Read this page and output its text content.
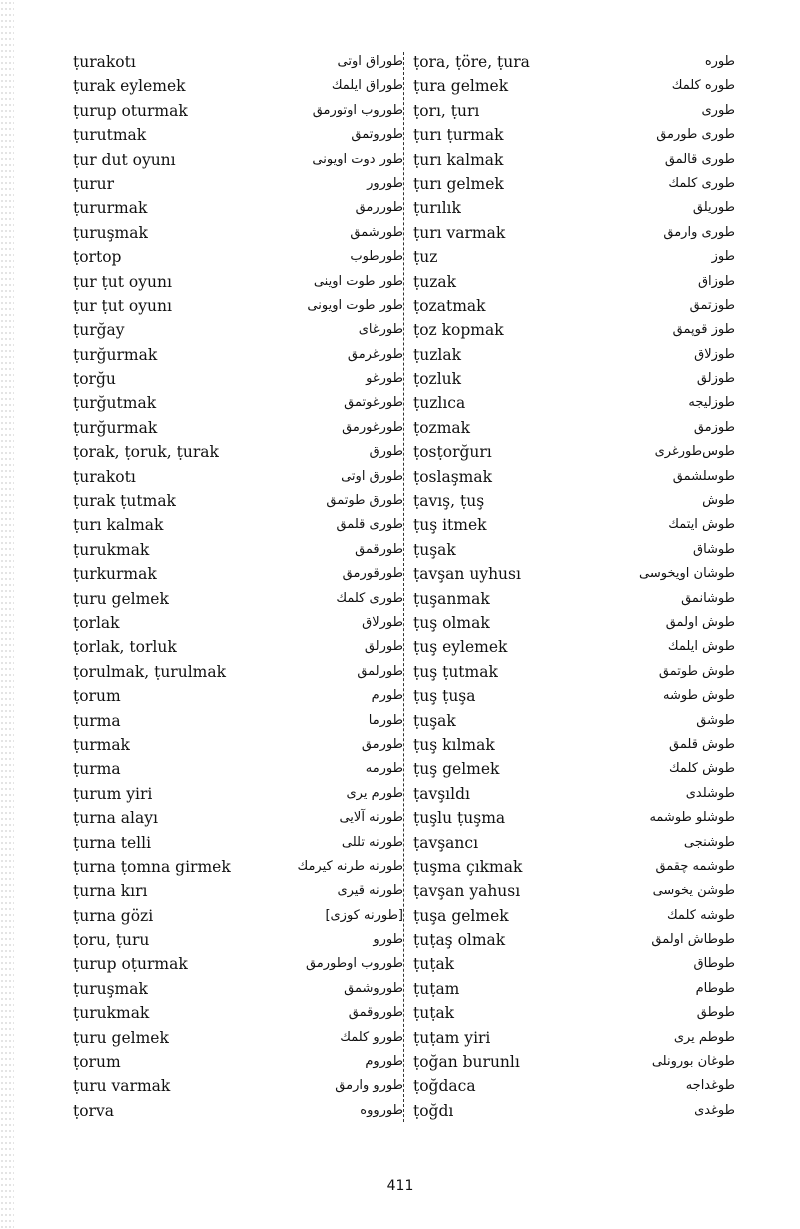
ṭurakotı	طوراق اوتى
ṭurak eylemek	طوراق ايلمك
ṭurup oturmak	طوروب اوتورمق
ṭurutmak	طوروتمق
ṭur dut oyunı	طور دوت اويونى
ṭurur	طورور
ṭururmak	طوررمق
ṭuruşmak	طورشمق
ṭortop	طورطوب
ṭur ṭut oyunı	طور طوت اوينى
ṭur ṭut oyunı	طور طوت اويونى
ṭurğay	طورغاى
ṭurğurmak	طورغرمق
ṭorğu	طورغو
ṭurğutmak	طورغوتمق
ṭurğurmak	طورغورمق
ṭorak, ṭoruk, ṭurak	طورق
ṭurakotı	طورق اوتى
ṭurak ṭutmak	طورق طوتمق
ṭurı kalmak	طورى قلمق
ṭurukmak	طورقمق
ṭurkurmak	طورقورمق
ṭuru gelmek	طورى كلمك
ṭorlak	طورلاق
ṭorlak, torluk	طورلق
ṭorulmak, ṭurulmak	طورلمق
ṭorum	طورم
ṭurma	طورما
ṭurmak	طورمق
ṭurma	طورمه
ṭurum yiri	طورم يرى
ṭurna alayı	طورنه آلايى
ṭurna telli	طورنه تللى
ṭurna ṭomna girmek	طورنه طرنه كيرمك
ṭurna kırı	طورنه قيرى
ṭurna gözi	[طورنه كوزى]
ṭoru, ṭuru	طورو
ṭurup oṭurmak	طوروب اوطورمق
ṭuruşmak	طوروشمق
ṭurukmak	طوروقمق
ṭuru gelmek	طورو كلمك
ṭorum	طوروم
ṭuru varmak	طورو وارمق
ṭorva	طورووه
ṭora, ṭöre, ṭura	طوره
ṭura gelmek	طوره كلمك
ṭorı, ṭurı	طورى
ṭurı ṭurmak	طورى طورمق
ṭurı kalmak	طورى قالمق
ṭurı gelmek	طورى كلمك
ṭurılık	طوريلق
ṭurı varmak	طورى وارمق
ṭuz	طوز
ṭuzak	طوزاق
ṭozatmak	طوزتمق
ṭoz kopmak	طوز قوپمق
ṭuzlak	طوزلاق
ṭozluk	طوزلق
ṭuzlıca	طوزليجه
ṭozmak	طوزمق
ṭosṭorğurı	طوس‌طورغرى
ṭoslaşmak	طوسلشمق
ṭavış, ṭuş	طوش
ṭuş itmek	طوش ايتمك
ṭuşak	طوشاق
ṭavşan uyhusı	طوشان اويخوسى
ṭuşanmak	طوشانمق
ṭuş olmak	طوش اولمق
ṭuş eylemek	طوش ايلمك
ṭuş ṭutmak	طوش طوتمق
ṭuş ṭuşa	طوش طوشه
ṭuşak	طوشق
ṭuş kılmak	طوش قلمق
ṭuş gelmek	طوش كلمك
ṭavşıldı	طوشلدى
ṭuşlu ṭuşma	طوشلو طوشمه
ṭavşancı	طوشنجى
ṭuşma çıkmak	طوشمه چقمق
ṭavşan yahusı	طوشن يخوسى
ṭuşa gelmek	طوشه كلمك
ṭuṭaş olmak	طوطاش اولمق
ṭuṭak	طوطاق
ṭuṭam	طوطام
ṭuṭak	طوطق
ṭuṭam yiri	طوطم يرى
ṭoğan burunlı	طوغان بورونلى
ṭoğdaca	طوغداجه
ṭoğdı	طوغدى
411
